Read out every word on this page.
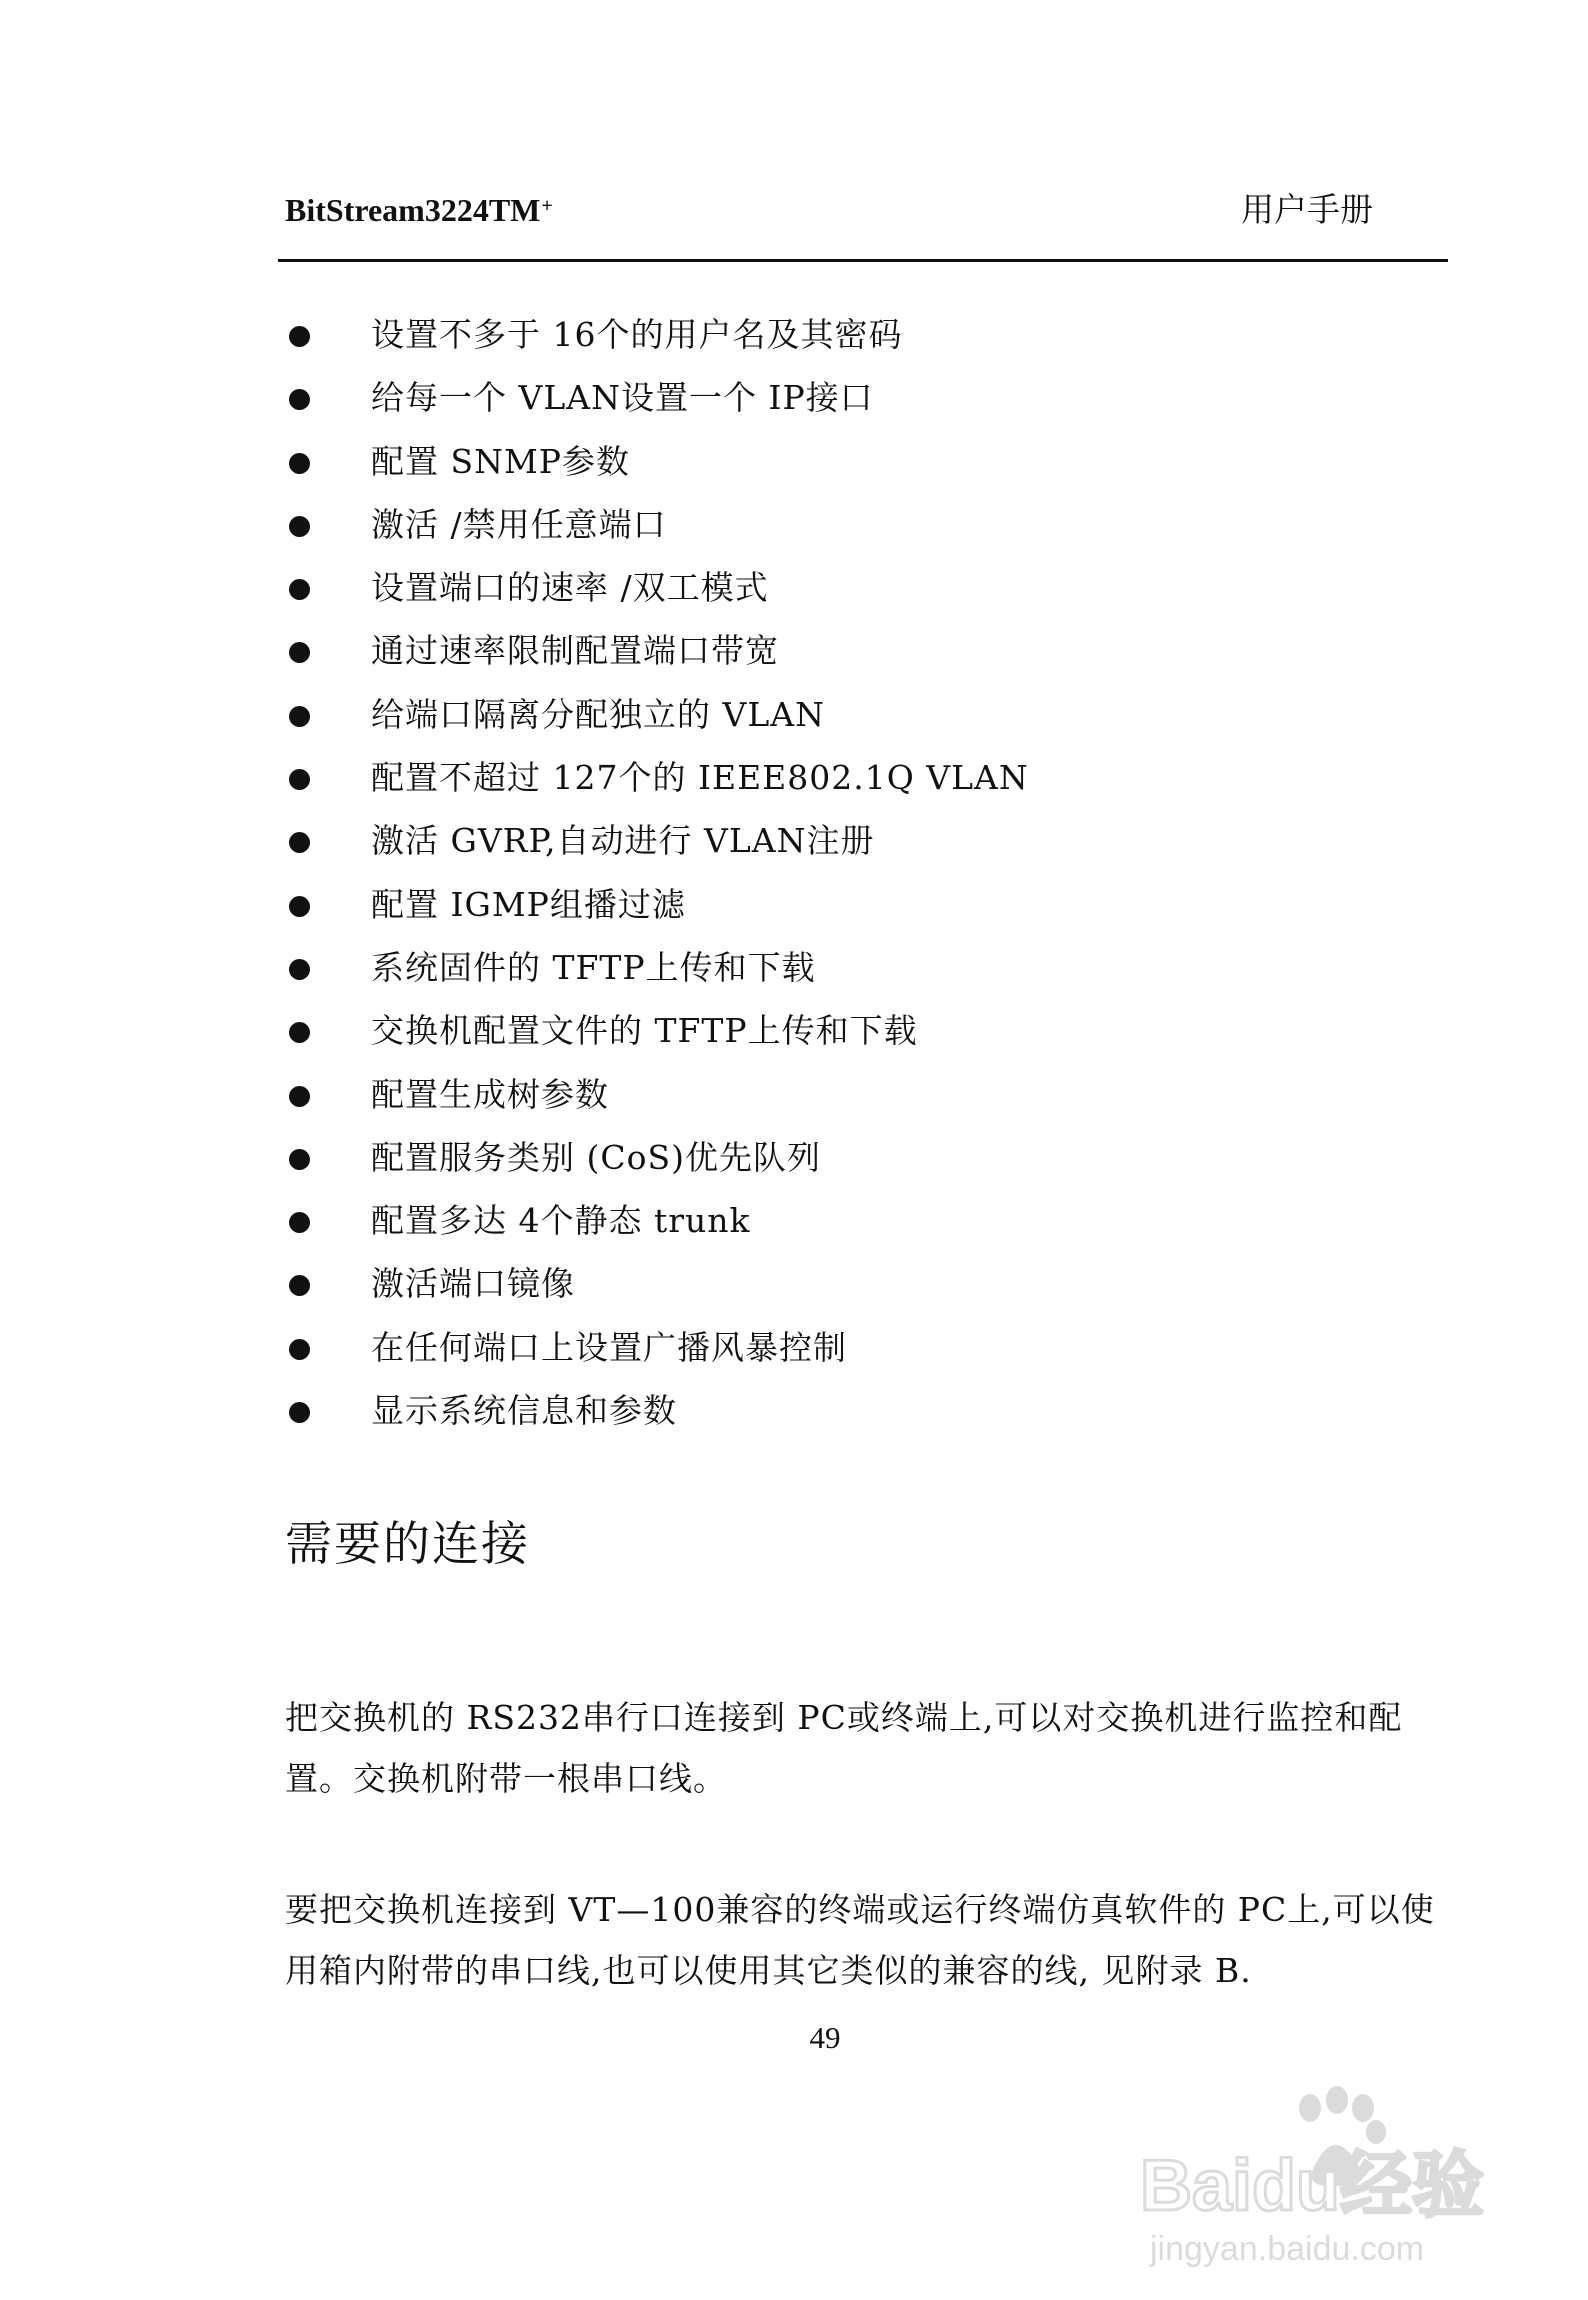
BitStream3224TM+	用户手册
设置不多于 16个的用户名及其密码
给每一个 VLAN设置一个 IP接口
配置 SNMP参数
激活 /禁用任意端口
设置端口的速率 /双工模式
通过速率限制配置端口带宽
给端口隔离分配独立的 VLAN
配置不超过 127个的 IEEE802.1Q VLAN
激活 GVRP,自动进行 VLAN注册
配置 IGMP组播过滤
系统固件的 TFTP上传和下载
交换机配置文件的 TFTP上传和下载
配置生成树参数
配置服务类别 (CoS)优先队列
配置多达 4个静态 trunk
激活端口镜像
在任何端口上设置广播风暴控制
显示系统信息和参数
需要的连接

把交换机的 RS232串行口连接到 PC或终端上,可以对交换机进行监控和配置。交换机附带一根串口线。

要把交换机连接到 VT—100兼容的终端或运行终端仿真软件的 PC上,可以使用箱内附带的串口线,也可以使用其它类似的兼容的线, 见附录 B.

49
Baidu经验
jingyan.baidu.com
